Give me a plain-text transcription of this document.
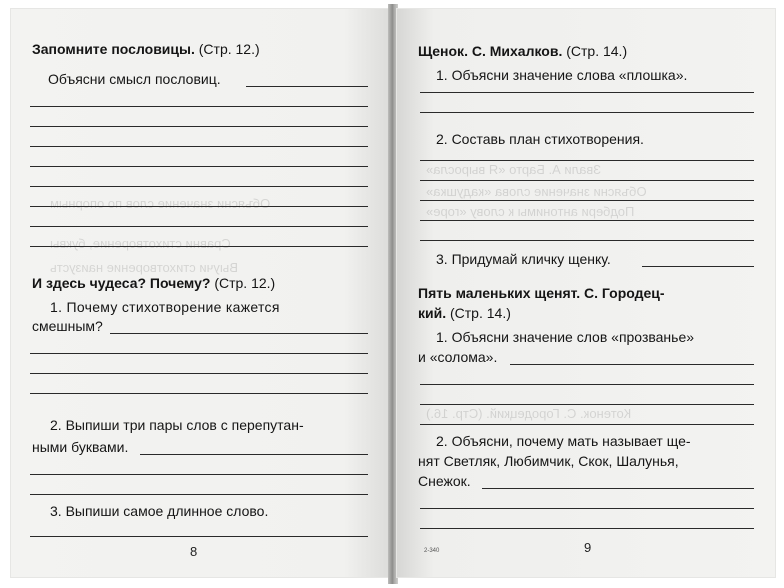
Объясни значение слов по опорным
Сравни стихотворение, буквы
Выучи стихотворение наизусть
Запомните пословицы. (Стр. 12.)
Объясни смысл пословиц.
И здесь чудеса? Почему? (Стр. 12.)
1. Почему стихотворение кажется
смешным?
2. Выпиши три пары слов с перепутан-
ными буквами.
3. Выпиши самое длинное слово.
8
Звали А. Барто «Я выросла»
Объясни значение слова «кадушка»
Подбери антонимы к слову «горе»
Котенок. С. Городецкий. (Стр. 16.)
Щенок. С. Михалков. (Стр. 14.)
1. Объясни значение слова «плошка».
2. Составь план стихотворения.
3. Придумай кличку щенку.
Пять маленьких щенят. С. Городец-
кий. (Стр. 14.)
1. Объясни значение слов «прозванье»
и «солома».
2. Объясни, почему мать называет ще-
нят Светляк, Любимчик, Скок, Шалунья,
Снежок.
2-340	9
